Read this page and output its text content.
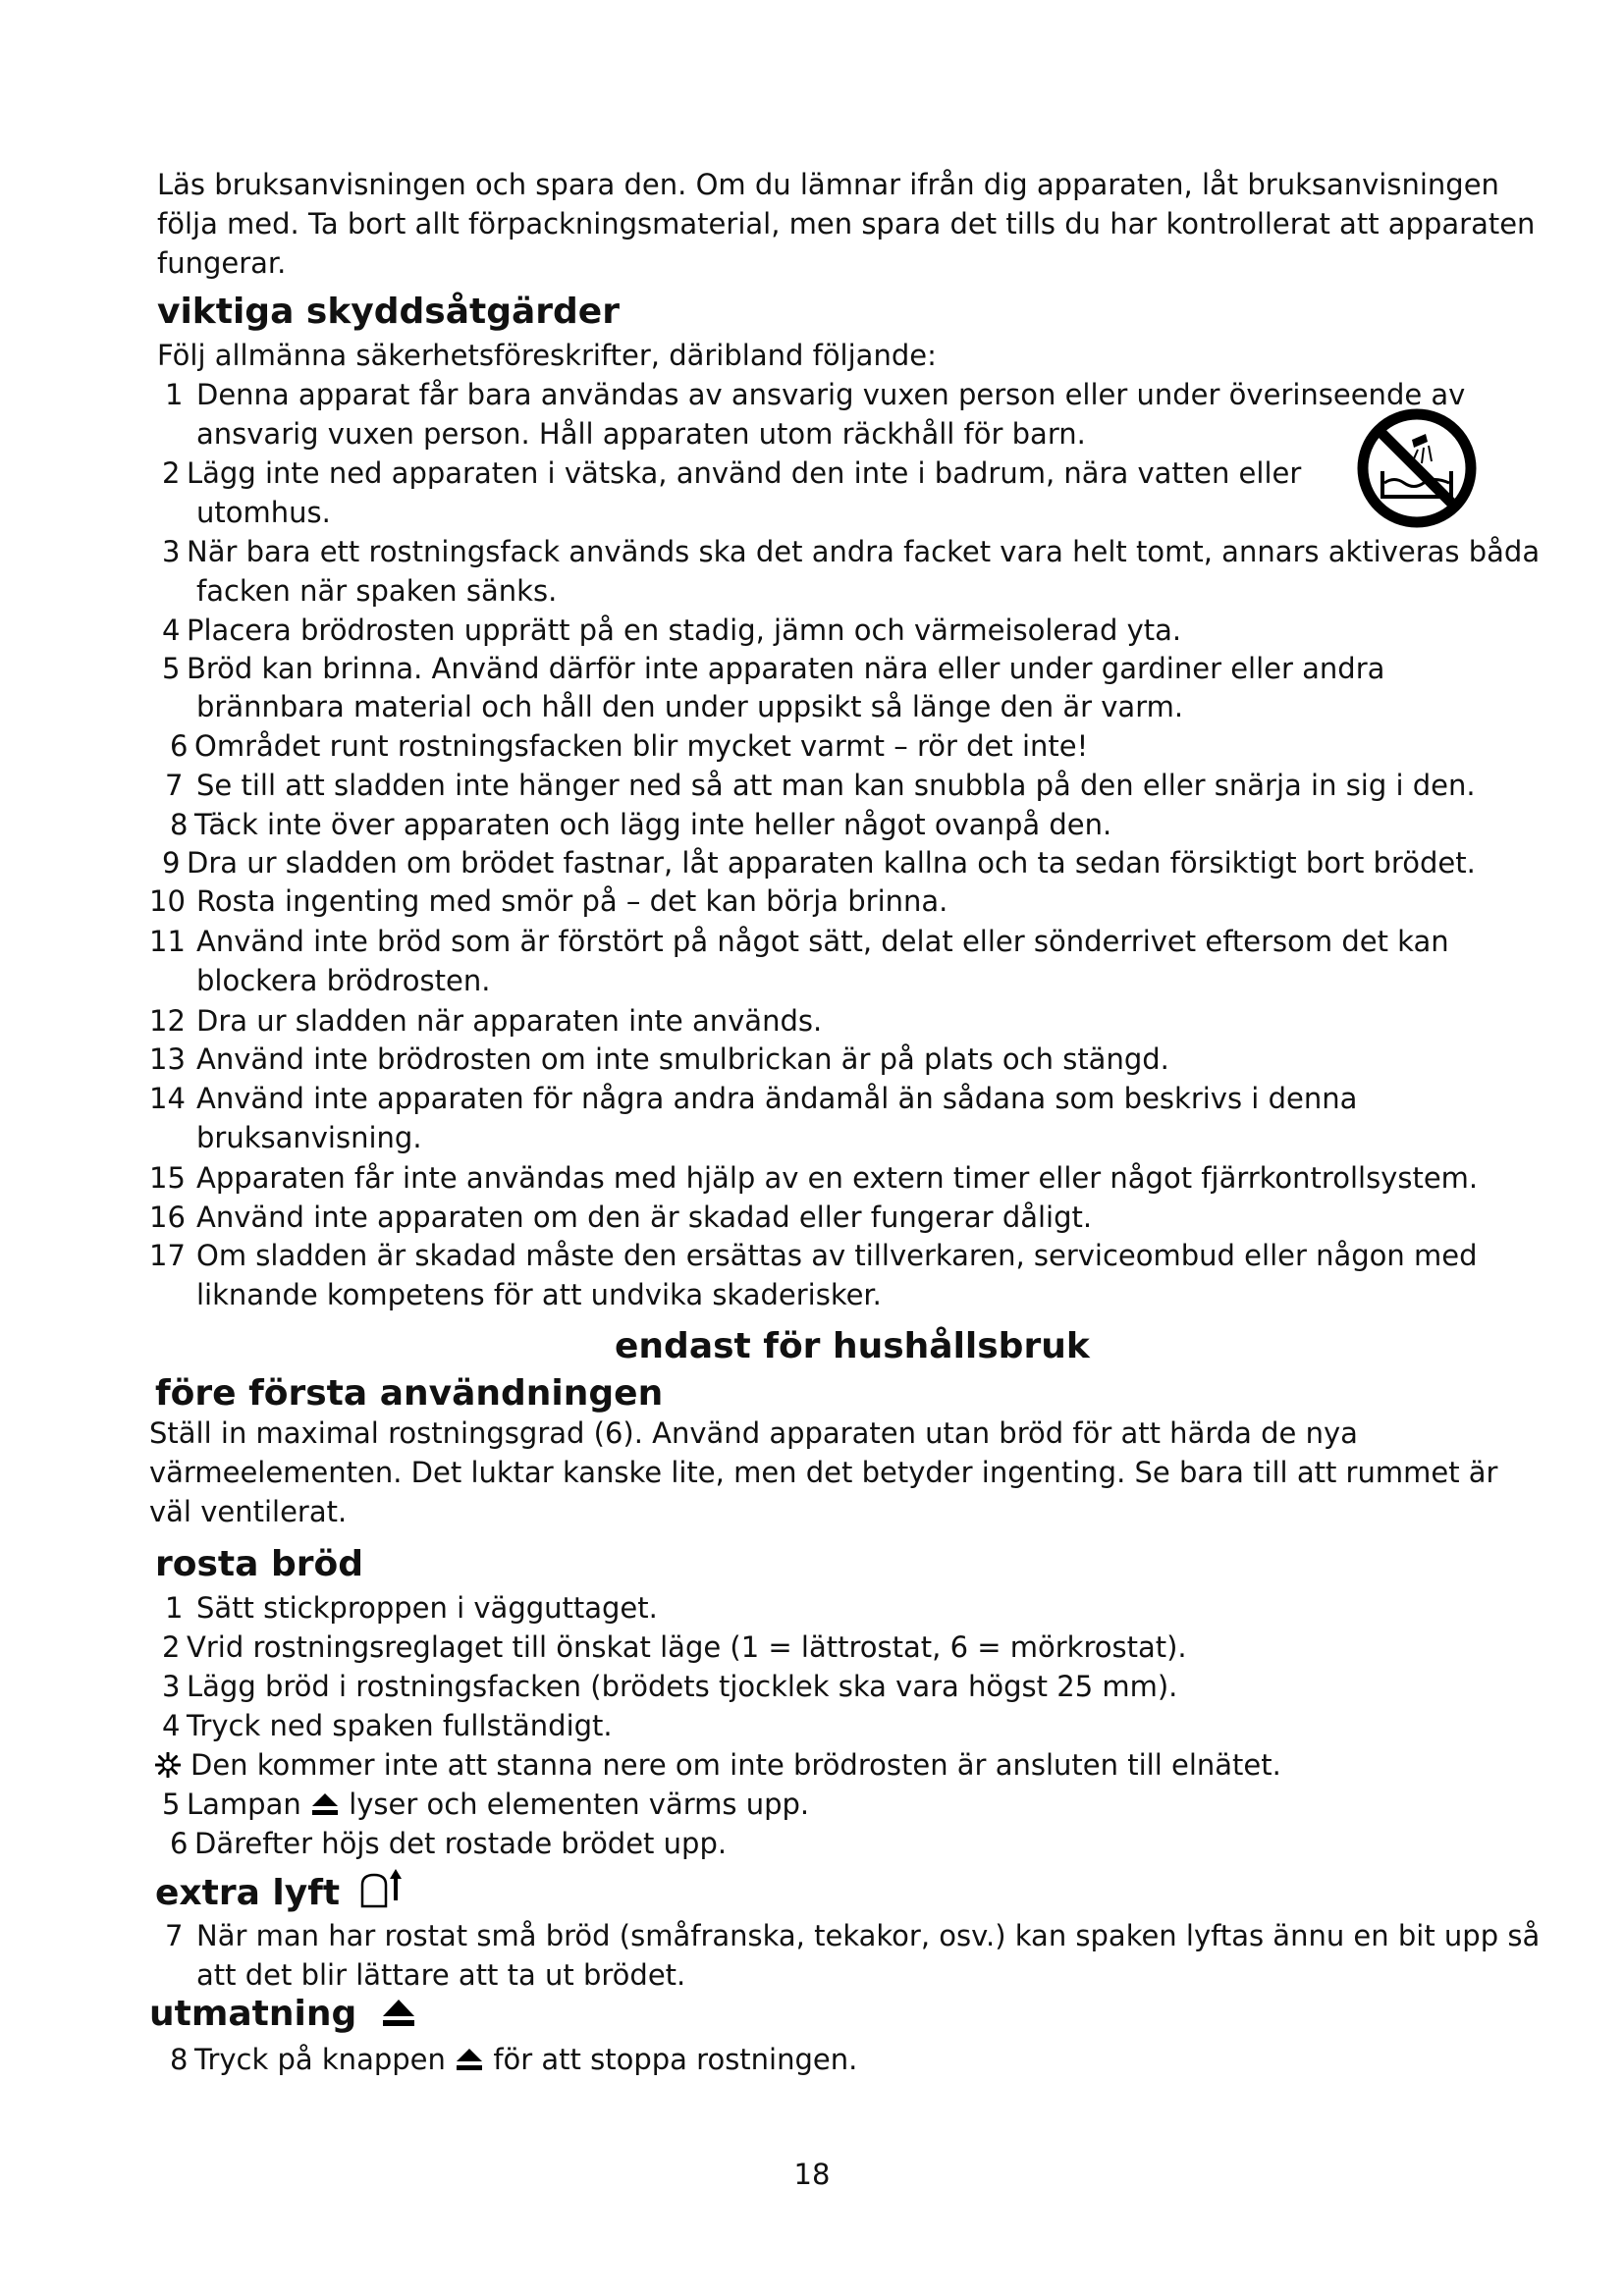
Läs bruksanvisningen och spara den. Om du lämnar ifrån dig apparaten, låt bruksanvisningen
följa med. Ta bort allt förpackningsmaterial, men spara det tills du har kontrollerat att apparaten
fungerar.
viktiga skyddsåtgärder
Följ allmänna säkerhetsföreskrifter, däribland följande:
1 Denna apparat får bara användas av ansvarig vuxen person eller under överinseende av
ansvarig vuxen person. Håll apparaten utom räckhåll för barn.
2 Lägg inte ned apparaten i vätska, använd den inte i badrum, nära vatten eller
utomhus.
3 När bara ett rostningsfack används ska det andra facket vara helt tomt, annars aktiveras båda
facken när spaken sänks.
4 Placera brödrosten upprätt på en stadig, jämn och värmeisolerad yta.
5 Bröd kan brinna. Använd därför inte apparaten nära eller under gardiner eller andra
brännbara material och håll den under uppsikt så länge den är varm.
6 Området runt rostningsfacken blir mycket varmt – rör det inte!
7 Se till att sladden inte hänger ned så att man kan snubbla på den eller snärja in sig i den.
8 Täck inte över apparaten och lägg inte heller något ovanpå den.
9 Dra ur sladden om brödet fastnar, låt apparaten kallna och ta sedan försiktigt bort brödet.
10 Rosta ingenting med smör på – det kan börja brinna.
11 Använd inte bröd som är förstört på något sätt, delat eller sönderrivet eftersom det kan
blockera brödrosten.
12 Dra ur sladden när apparaten inte används.
13 Använd inte brödrosten om inte smulbrickan är på plats och stängd.
14 Använd inte apparaten för några andra ändamål än sådana som beskrivs i denna
bruksanvisning.
15 Apparaten får inte användas med hjälp av en extern timer eller något fjärrkontrollsystem.
16 Använd inte apparaten om den är skadad eller fungerar dåligt.
17 Om sladden är skadad måste den ersättas av tillverkaren, serviceombud eller någon med
liknande kompetens för att undvika skaderisker.
endast för hushållsbruk
före första användningen
Ställ in maximal rostningsgrad (6). Använd apparaten utan bröd för att härda de nya
värmeelementen. Det luktar kanske lite, men det betyder ingenting. Se bara till att rummet är
väl ventilerat.
rosta bröd
1 Sätt stickproppen i vägguttaget.
2 Vrid rostningsreglaget till önskat läge (1 = lättrostat, 6 = mörkrostat).
3 Lägg bröd i rostningsfacken (brödets tjocklek ska vara högst 25 mm).
4 Tryck ned spaken fullständigt.
Den kommer inte att stanna nere om inte brödrosten är ansluten till elnätet.
5 Lampan lyser och elementen värms upp.
6 Därefter höjs det rostade brödet upp.
extra lyft
7 När man har rostat små bröd (småfranska, tekakor, osv.) kan spaken lyftas ännu en bit upp så
att det blir lättare att ta ut brödet.
utmatning
8 Tryck på knappen för att stoppa rostningen.
18
